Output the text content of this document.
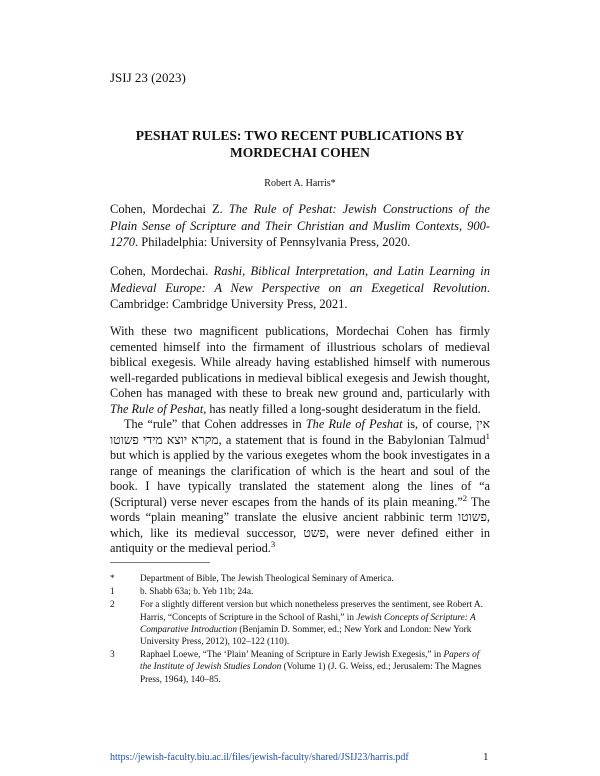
JSIJ 23 (2023)
PESHAT RULES: TWO RECENT PUBLICATIONS BY
MORDECHAI COHEN
Robert A. Harris*
Cohen, Mordechai Z. The Rule of Peshat: Jewish Constructions of the Plain Sense of Scripture and Their Christian and Muslim Contexts, 900-1270. Philadelphia: University of Pennsylvania Press, 2020.
Cohen, Mordechai. Rashi, Biblical Interpretation, and Latin Learning in Medieval Europe: A New Perspective on an Exegetical Revolution. Cambridge: Cambridge University Press, 2021.

With these two magnificent publications, Mordechai Cohen has firmly cemented himself into the firmament of illustrious scholars of medieval biblical exegesis. While already having established himself with numerous well-regarded publications in medieval biblical exegesis and Jewish thought, Cohen has managed with these to break new ground and, particularly with The Rule of Peshat, has neatly filled a long-sought desideratum in the field.

The “rule” that Cohen addresses in The Rule of Peshat is, of course, אין מקרא יוצא מידי פשוטו, a statement that is found in the Babylonian Talmud$^1$ but which is applied by the various exegetes whom the book investigates in a range of meanings the clarification of which is the heart and soul of the book. I have typically translated the statement along the lines of “a (Scriptural) verse never escapes from the hands of its plain meaning.”$^2$ The words “plain meaning” translate the elusive ancient rabbinic term פשוטו, which, like its medieval successor, פשט, were never defined either in antiquity or the medieval period.$^3$

*	Department of Bible, The Jewish Theological Seminary of America.
1	b. Shabb 63a; b. Yeb 11b; 24a.
2	For a slightly different version but which nonetheless preserves the sentiment, see Robert A. Harris, “Concepts of Scripture in the School of Rashi,” in Jewish Concepts of Scripture: A Comparative Introduction (Benjamin D. Sommer, ed.; New York and London: New York University Press, 2012), 102–122 (110).
3	Raphael Loewe, “The ‘Plain’ Meaning of Scripture in Early Jewish Exegesis,” in Papers of the Institute of Jewish Studies London (Volume 1) (J. G. Weiss, ed.; Jerusalem: The Magnes Press, 1964), 140–85.
https://jewish-faculty.biu.ac.il/files/jewish-faculty/shared/JSIJ23/harris.pdf	1
